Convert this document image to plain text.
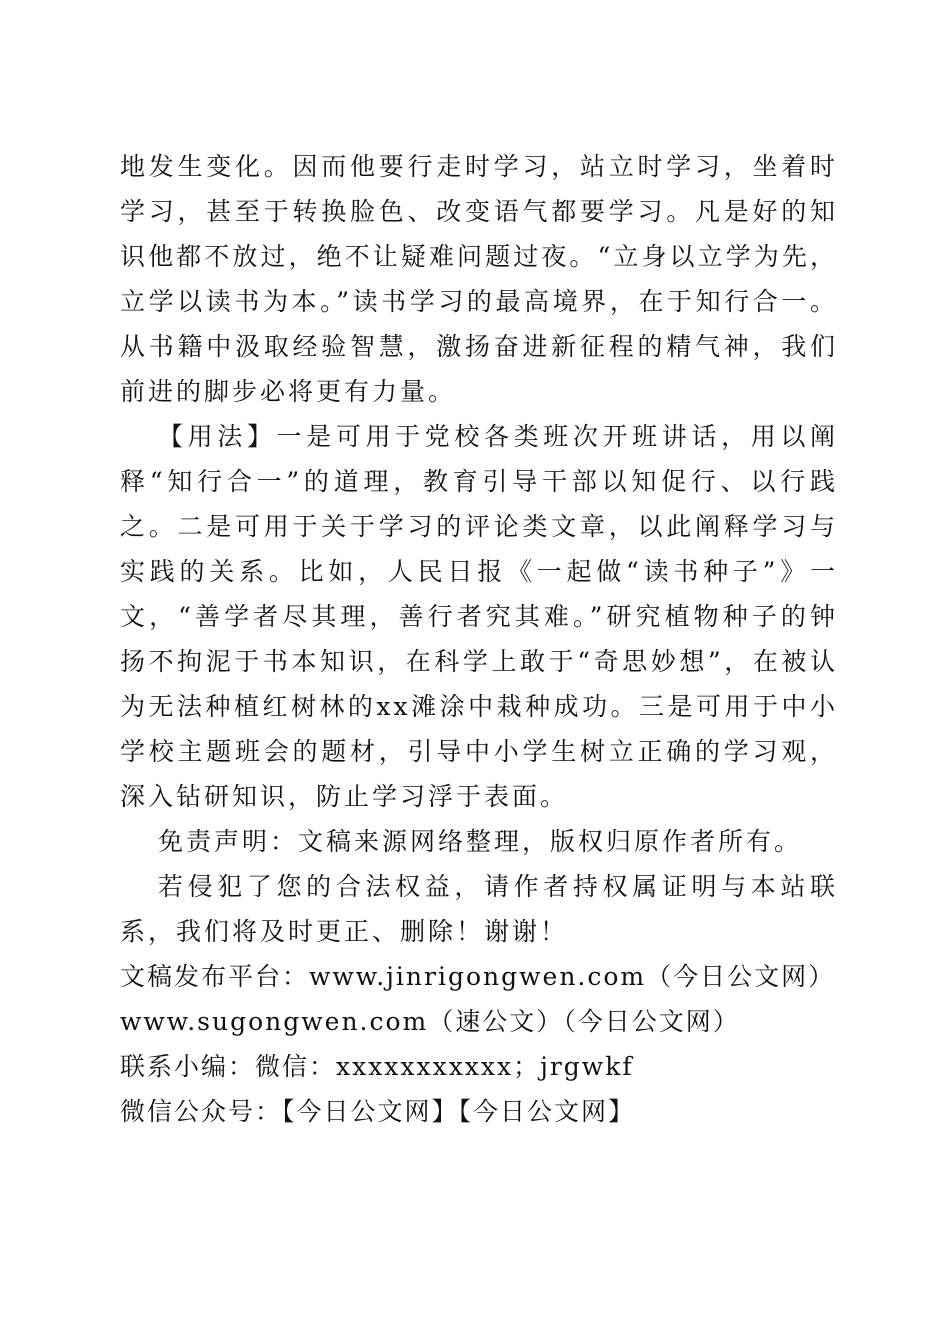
地发生变化。因而他要行走时学习，站立时学习，坐着时学习，甚至于转换脸色、改变语气都要学习。凡是好的知识他都不放过，绝不让疑难问题过夜。“立身以立学为先，立学以读书为本。”读书学习的最高境界，在于知行合一。从书籍中汲取经验智慧，激扬奋进新征程的精气神，我们前进的脚步必将更有力量。

【用法】一是可用于党校各类班次开班讲话，用以阐释“知行合一”的道理，教育引导干部以知促行、以行践之。二是可用于关于学习的评论类文章，以此阐释学习与实践的关系。比如，人民日报《一起做“读书种子”》一文，“善学者尽其理，善行者究其难。”研究植物种子的钟扬不拘泥于书本知识，在科学上敢于“奇思妙想”，在被认为无法种植红树林的xx滩涂中栽种成功。三是可用于中小学校主题班会的题材，引导中小学生树立正确的学习观，深入钻研知识，防止学习浮于表面。

免责声明：文稿来源网络整理，版权归原作者所有。

若侵犯了您的合法权益，请作者持权属证明与本站联系，我们将及时更正、删除！谢谢！

文稿发布平台：www.jinrigongwen.com（今日公文网）

www.sugongwen.com（速公文）（今日公文网）

联系小编：微信：xxxxxxxxxxx；jrgwkf

微信公众号：【今日公文网】【今日公文网】
